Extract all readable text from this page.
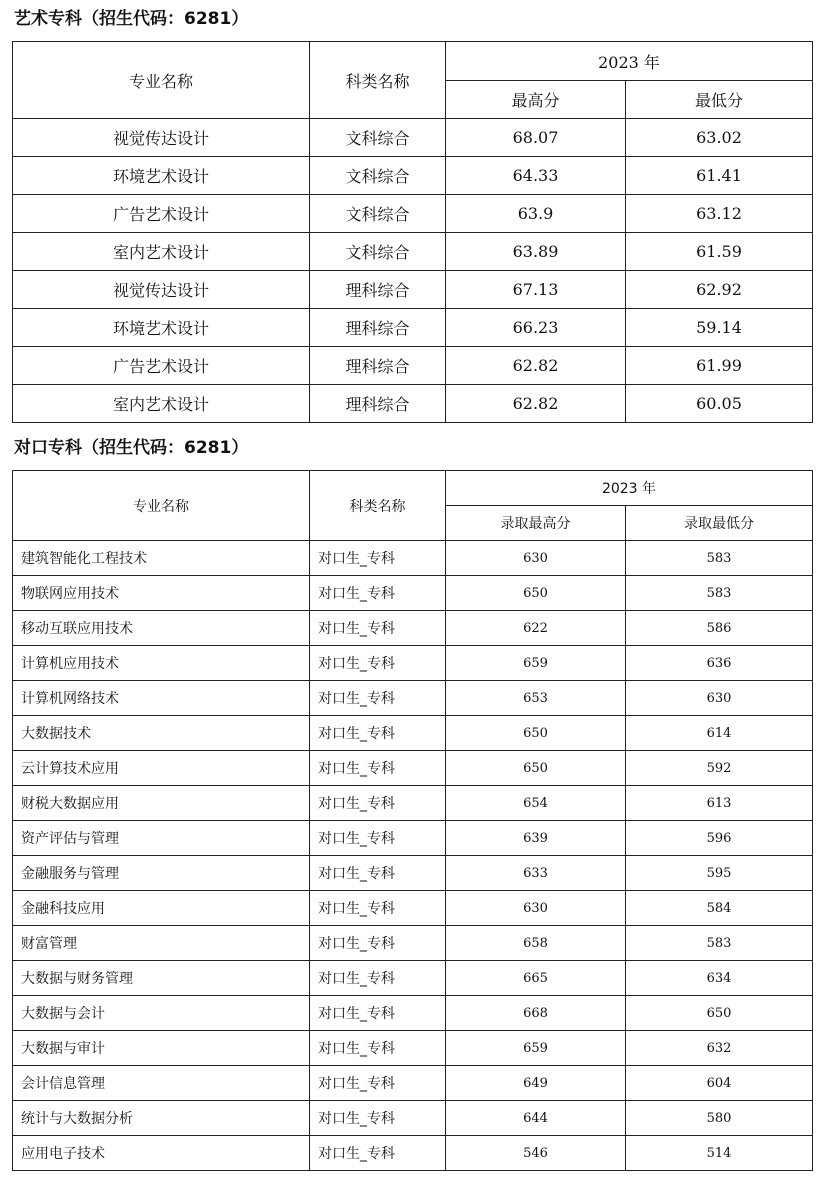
艺术专科（招生代码：6281）
专业名称	科类名称	2023 年	
		最高分	最低分
视觉传达设计	文科综合	68.07	63.02
环境艺术设计	文科综合	64.33	61.41
广告艺术设计	文科综合	63.9	63.12
室内艺术设计	文科综合	63.89	61.59
视觉传达设计	理科综合	67.13	62.92
环境艺术设计	理科综合	66.23	59.14
广告艺术设计	理科综合	62.82	61.99
室内艺术设计	理科综合	62.82	60.05
对口专科（招生代码：6281）
专业名称	科类名称	2023 年	
		录取最高分	录取最低分
建筑智能化工程技术	对口生_专科	630	583
物联网应用技术	对口生_专科	650	583
移动互联应用技术	对口生_专科	622	586
计算机应用技术	对口生_专科	659	636
计算机网络技术	对口生_专科	653	630
大数据技术	对口生_专科	650	614
云计算技术应用	对口生_专科	650	592
财税大数据应用	对口生_专科	654	613
资产评估与管理	对口生_专科	639	596
金融服务与管理	对口生_专科	633	595
金融科技应用	对口生_专科	630	584
财富管理	对口生_专科	658	583
大数据与财务管理	对口生_专科	665	634
大数据与会计	对口生_专科	668	650
大数据与审计	对口生_专科	659	632
会计信息管理	对口生_专科	649	604
统计与大数据分析	对口生_专科	644	580
应用电子技术	对口生_专科	546	514
